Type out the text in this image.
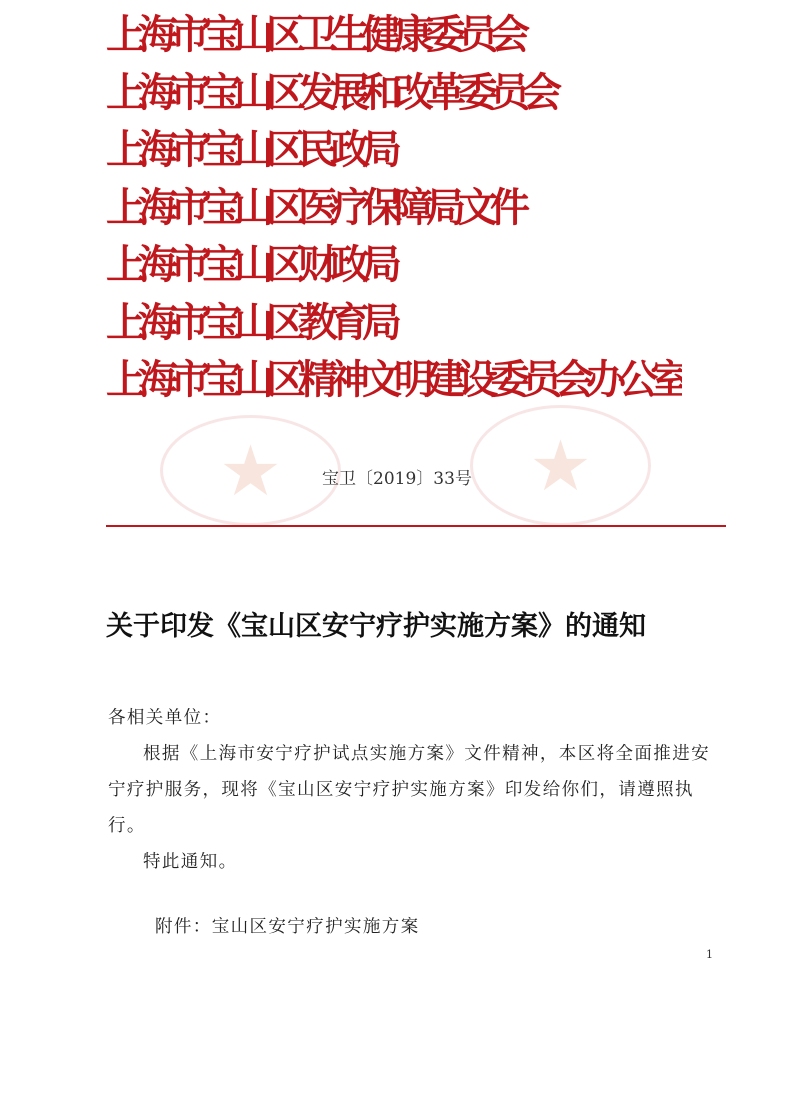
上海市宝山区卫生健康委员会
上海市宝山区发展和改革委员会
上海市宝山区民政局
上海市宝山区医疗保障局文件
上海市宝山区财政局
上海市宝山区教育局
上海市宝山区精神文明建设委员会办公室
★	★
宝卫〔2019〕33号
关于印发《宝山区安宁疗护实施方案》的通知

各相关单位：

根据《上海市安宁疗护试点实施方案》文件精神，本区将全面推进安宁疗护服务，现将《宝山区安宁疗护实施方案》印发给你们，请遵照执行。

特此通知。

附件：宝山区安宁疗护实施方案
1
